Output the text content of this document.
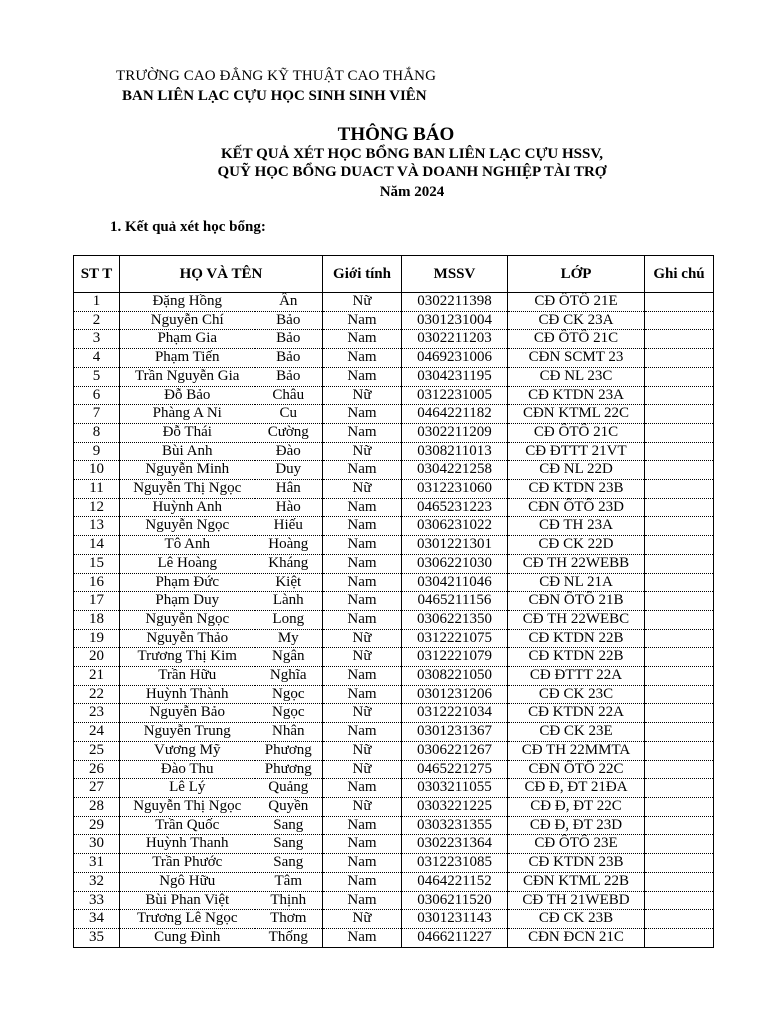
TRƯỜNG CAO ĐẲNG KỸ THUẬT CAO THẮNG
BAN LIÊN LẠC CỰU HỌC SINH SINH VIÊN
THÔNG BÁO
KẾT QUẢ XÉT HỌC BỔNG BAN LIÊN LẠC CỰU HSSV,
QUỸ HỌC BỔNG DUACT VÀ DOANH NGHIỆP TÀI TRỢ
Năm 2024
1. Kết quả xét học bổng:
ST T	HỌ VÀ TÊN		Giới tính	MSSV	LỚP	Ghi chú
1	Đặng Hồng	Ân	Nữ	0302211398	CĐ ÔTÔ 21E	
2	Nguyễn Chí	Bảo	Nam	0301231004	CĐ CK 23A	
3	Phạm Gia	Bảo	Nam	0302211203	CĐ ÔTÔ 21C	
4	Phạm Tiến	Bảo	Nam	0469231006	CĐN SCMT 23	
5	Trần Nguyễn Gia	Bảo	Nam	0304231195	CĐ NL 23C	
6	Đỗ Bảo	Châu	Nữ	0312231005	CĐ KTDN 23A	
7	Phàng A Ni	Cu	Nam	0464221182	CĐN KTML 22C	
8	Đỗ Thái	Cường	Nam	0302211209	CĐ ÔTÔ 21C	
9	Bùi Anh	Đào	Nữ	0308211013	CĐ ĐTTT 21VT	
10	Nguyễn Minh	Duy	Nam	0304221258	CĐ NL 22D	
11	Nguyễn Thị Ngọc	Hân	Nữ	0312231060	CĐ KTDN 23B	
12	Huỳnh Anh	Hào	Nam	0465231223	CĐN ÔTÔ 23D	
13	Nguyễn Ngọc	Hiếu	Nam	0306231022	CĐ TH 23A	
14	Tô Anh	Hoàng	Nam	0301221301	CĐ CK 22D	
15	Lê Hoàng	Kháng	Nam	0306221030	CĐ TH 22WEBB	
16	Phạm Đức	Kiệt	Nam	0304211046	CĐ NL 21A	
17	Phạm Duy	Lành	Nam	0465211156	CĐN ÔTÔ 21B	
18	Nguyễn Ngọc	Long	Nam	0306221350	CĐ TH 22WEBC	
19	Nguyễn Thảo	My	Nữ	0312221075	CĐ KTDN 22B	
20	Trương Thị Kim	Ngân	Nữ	0312221079	CĐ KTDN 22B	
21	Trần Hữu	Nghĩa	Nam	0308221050	CĐ ĐTTT 22A	
22	Huỳnh Thành	Ngọc	Nam	0301231206	CĐ CK 23C	
23	Nguyễn Bảo	Ngọc	Nữ	0312221034	CĐ KTDN 22A	
24	Nguyễn Trung	Nhân	Nam	0301231367	CĐ CK 23E	
25	Vương Mỹ	Phương	Nữ	0306221267	CĐ TH 22MMTA	
26	Đào Thu	Phương	Nữ	0465221275	CĐN ÔTÔ 22C	
27	Lê Lý	Quảng	Nam	0303211055	CĐ Đ, ĐT 21ĐA	
28	Nguyễn Thị Ngọc	Quyền	Nữ	0303221225	CĐ Đ, ĐT 22C	
29	Trần Quốc	Sang	Nam	0303231355	CĐ Đ, ĐT 23D	
30	Huỳnh Thanh	Sang	Nam	0302231364	CĐ ÔTÔ 23E	
31	Trần Phước	Sang	Nam	0312231085	CĐ KTDN 23B	
32	Ngô Hữu	Tâm	Nam	0464221152	CĐN KTML 22B	
33	Bùi Phan Việt	Thịnh	Nam	0306211520	CĐ TH 21WEBD	
34	Trương Lê Ngọc	Thơm	Nữ	0301231143	CĐ CK 23B	
35	Cung Đình	Thống	Nam	0466211227	CĐN ĐCN 21C	
